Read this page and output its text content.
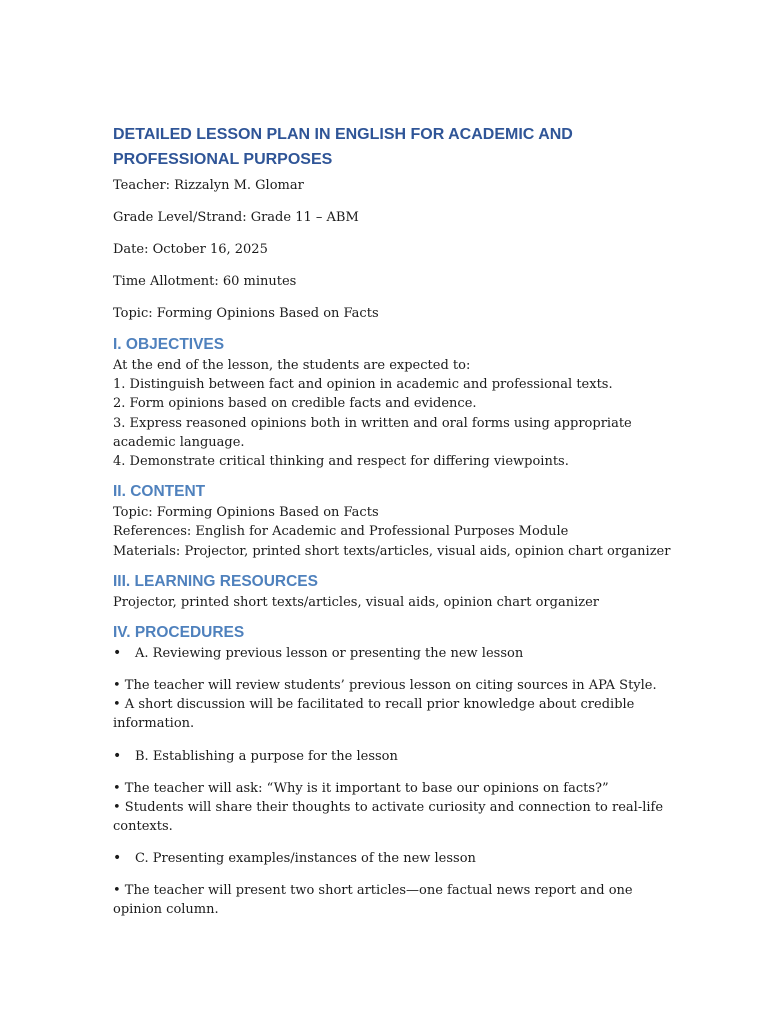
DETAILED LESSON PLAN IN ENGLISH FOR ACADEMIC AND PROFESSIONAL PURPOSES

Teacher: Rizzalyn M. Glomar

Grade Level/Strand: Grade 11 – ABM

Date: October 16, 2025

Time Allotment: 60 minutes

Topic: Forming Opinions Based on Facts

I. OBJECTIVES

At the end of the lesson, the students are expected to:

1. Distinguish between fact and opinion in academic and professional texts.

2. Form opinions based on credible facts and evidence.

3. Express reasoned opinions both in written and oral forms using appropriate academic language.

4. Demonstrate critical thinking and respect for differing viewpoints.

II. CONTENT

Topic: Forming Opinions Based on Facts

References: English for Academic and Professional Purposes Module

Materials: Projector, printed short texts/articles, visual aids, opinion chart organizer

III. LEARNING RESOURCES

Projector, printed short texts/articles, visual aids, opinion chart organizer

IV. PROCEDURES
•	A. Reviewing previous lesson or presenting the new lesson

• The teacher will review students’ previous lesson on citing sources in APA Style.

• A short discussion will be facilitated to recall prior knowledge about credible information.

•	B. Establishing a purpose for the lesson

• The teacher will ask: “Why is it important to base our opinions on facts?”

• Students will share their thoughts to activate curiosity and connection to real-life contexts.

•	C. Presenting examples/instances of the new lesson

• The teacher will present two short articles—one factual news report and one opinion column.
